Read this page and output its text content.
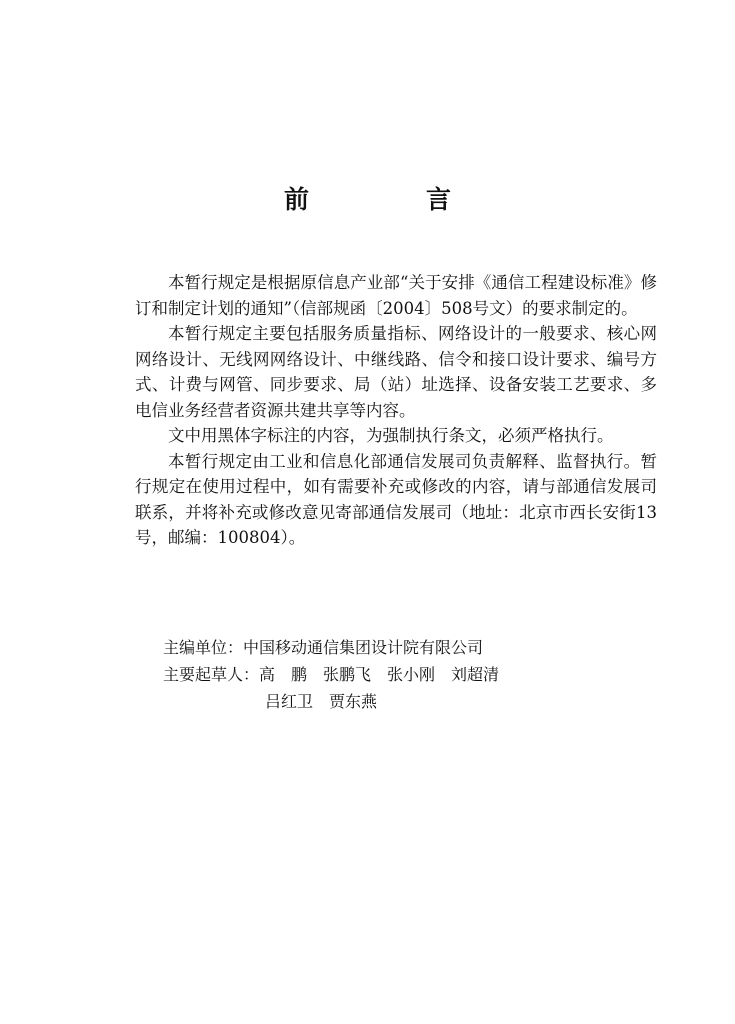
前　言

本暂行规定是根据原信息产业部“关于安排《通信工程建设标准》修订和制定计划的通知”（信部规函〔2004〕508号文）的要求制定的。

本暂行规定主要包括服务质量指标、网络设计的一般要求、核心网网络设计、无线网网络设计、中继线路、信令和接口设计要求、编号方式、计费与网管、同步要求、局（站）址选择、设备安装工艺要求、多电信业务经营者资源共建共享等内容。

文中用黑体字标注的内容，为强制执行条文，必须严格执行。

本暂行规定由工业和信息化部通信发展司负责解释、监督执行。暂行规定在使用过程中，如有需要补充或修改的内容，请与部通信发展司联系，并将补充或修改意见寄部通信发展司（地址：北京市西长安街13号，邮编：100804）。

主编单位：中国移动通信集团设计院有限公司
主要起草人：高　鹏　张鹏飞　张小刚　刘超清
吕红卫　贾东燕
